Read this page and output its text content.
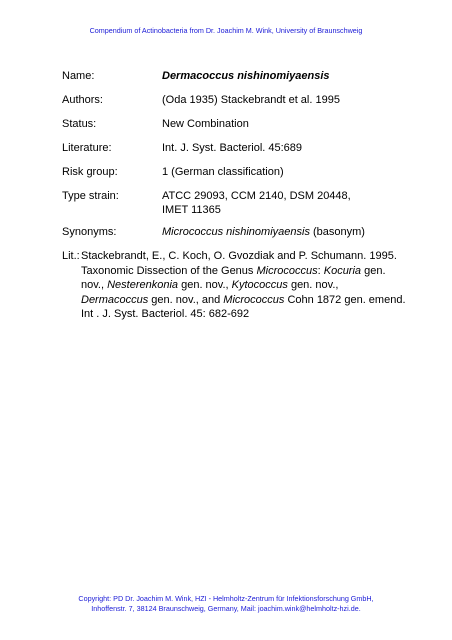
Compendium of Actinobacteria from Dr. Joachim M. Wink, University of Braunschweig
Name:	Dermacoccus nishinomiyaensis
Authors:	(Oda 1935) Stackebrandt et al. 1995
Status:	New Combination
Literature:	Int. J. Syst. Bacteriol. 45:689
Risk group:	1 (German classification)
Type strain:	ATCC 29093, CCM 2140, DSM 20448,
IMET 11365
Synonyms:	Micrococcus nishinomiyaensis (basonym)
Lit.: Stackebrandt, E., C. Koch, O. Gvozdiak and P. Schumann. 1995.
Taxonomic Dissection of the Genus Micrococcus: Kocuria gen.
nov., Nesterenkonia gen. nov., Kytococcus gen. nov.,
Dermacoccus gen. nov., and Micrococcus Cohn 1872 gen. emend.
Int . J. Syst. Bacteriol. 45: 682-692
Copyright: PD Dr. Joachim M. Wink, HZI - Helmholtz-Zentrum für Infektionsforschung GmbH,
Inhoffenstr. 7, 38124 Braunschweig, Germany, Mail: joachim.wink@helmholtz-hzi.de.
